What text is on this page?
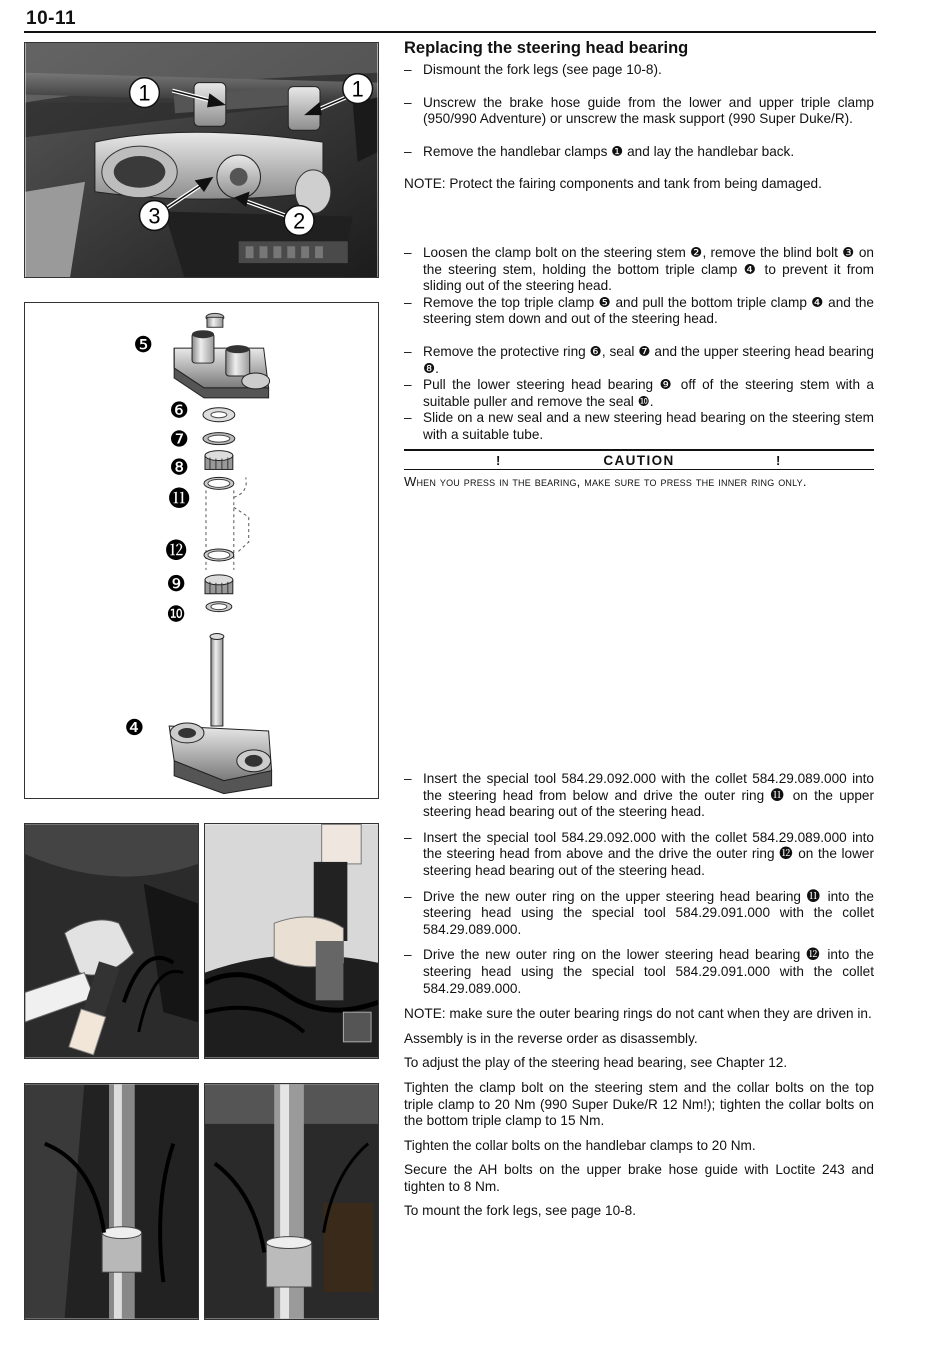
10-11
1	1
3	2
❺
❻
❼
❽
⓫
⓬
❾
❿
❹
Replacing the steering head bearing
– Dismount the fork legs (see page 10-8).
– Unscrew the brake hose guide from the lower and upper triple clamp (950/990 Adventure) or unscrew the mask support (990 Super Duke/R).
– Remove the handlebar clamps ❶ and lay the handlebar back.
NOTE: Protect the fairing components and tank from being damaged.
– Loosen the clamp bolt on the steering stem ❷, remove the blind bolt ❸ on the steering stem, holding the bottom triple clamp ❹ to prevent it from sliding out of the steering head.
– Remove the top triple clamp ❺ and pull the bottom triple clamp ❹ and the steering stem down and out of the steering head.
– Remove the protective ring ❻, seal ❼ and the upper steering head bearing ❽.
– Pull the lower steering head bearing ❾ off of the steering stem with a suitable puller and remove the seal ❿.
– Slide on a new seal and a new steering head bearing on the steering stem with a suitable tube.
!	CAUTION	!
When you press in the bearing, make sure to press the inner ring only.
– Insert the special tool 584.29.092.000 with the collet 584.29.089.000 into the steering head from below and drive the outer ring ⓫ on the upper steering head bearing out of the steering head.
– Insert the special tool 584.29.092.000 with the collet 584.29.089.000 into the steering head from above and the drive the outer ring ⓬ on the lower steering head bearing out of the steering head.
– Drive the new outer ring on the upper steering head bearing ⓫ into the steering head using the special tool 584.29.091.000 with the collet 584.29.089.000.
– Drive the new outer ring on the lower steering head bearing ⓬ into the steering head using the special tool 584.29.091.000 with the collet 584.29.089.000.
NOTE: make sure the outer bearing rings do not cant when they are driven in.
Assembly is in the reverse order as disassembly.
To adjust the play of the steering head bearing, see Chapter 12.
Tighten the clamp bolt on the steering stem and the collar bolts on the top triple clamp to 20 Nm (990 Super Duke/R 12 Nm!); tighten the collar bolts on the bottom triple clamp to 15 Nm.
Tighten the collar bolts on the handlebar clamps to 20 Nm.
Secure the AH bolts on the upper brake hose guide with Loctite 243 and tighten to 8 Nm.
To mount the fork legs, see page 10-8.
